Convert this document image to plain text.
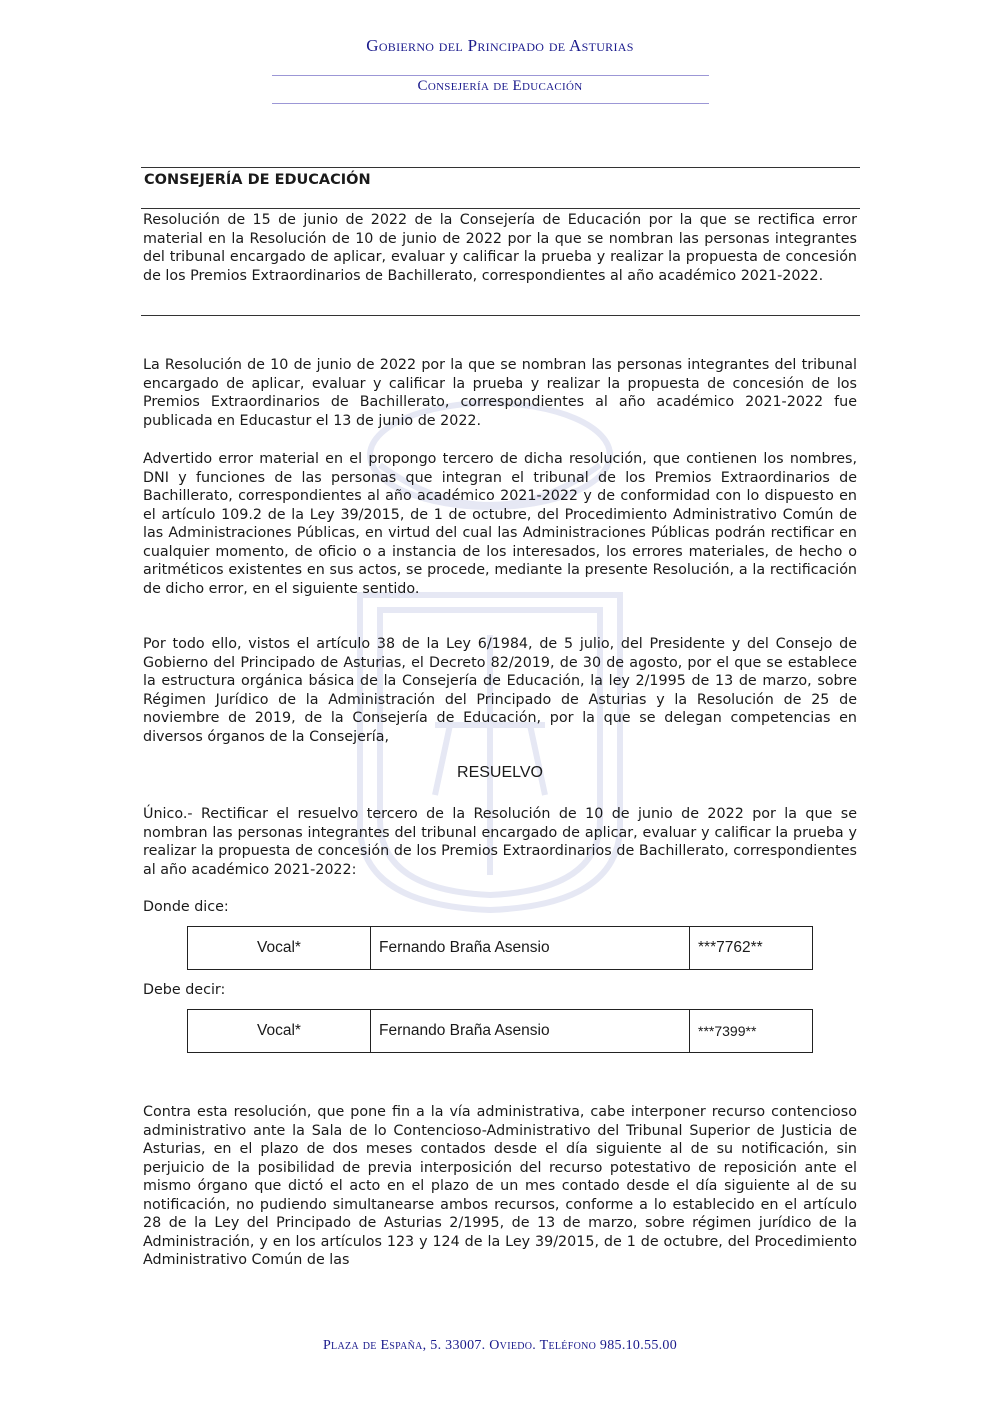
Gobierno del Principado de Asturias
Consejería de Educación
CONSEJERÍA DE EDUCACIÓN
Resolución de 15 de junio de 2022 de la Consejería de Educación por la que se rectifica error material en la Resolución de 10 de junio de 2022 por la que se nombran las personas integrantes del tribunal encargado de aplicar, evaluar y calificar la prueba y realizar la propuesta de concesión de los Premios Extraordinarios de Bachillerato, correspondientes al año académico 2021-2022.
La Resolución de 10 de junio de 2022 por la que se nombran las personas integrantes del tribunal encargado de aplicar, evaluar y calificar la prueba y realizar la propuesta de concesión de los Premios Extraordinarios de Bachillerato, correspondientes al año académico 2021-2022 fue publicada en Educastur el 13 de junio de 2022.
Advertido error material en el propongo tercero de dicha resolución, que contienen los nombres, DNI y funciones de las personas que integran el tribunal de los Premios Extraordinarios de Bachillerato, correspondientes al año académico 2021-2022 y de conformidad con lo dispuesto en el artículo 109.2 de la Ley 39/2015, de 1 de octubre, del Procedimiento Administrativo Común de las Administraciones Públicas, en virtud del cual las Administraciones Públicas podrán rectificar en cualquier momento, de oficio o a instancia de los interesados, los errores materiales, de hecho o aritméticos existentes en sus actos, se procede, mediante la presente Resolución, a la rectificación de dicho error, en el siguiente sentido.
Por todo ello, vistos el artículo 38 de la Ley 6/1984, de 5 julio, del Presidente y del Consejo de Gobierno del Principado de Asturias, el Decreto 82/2019, de 30 de agosto, por el que se establece la estructura orgánica básica de la Consejería de Educación, la ley 2/1995 de 13 de marzo, sobre Régimen Jurídico de la Administración del Principado de Asturias y la Resolución de 25 de noviembre de 2019, de la Consejería de Educación, por la que se delegan competencias en diversos órganos de la Consejería,
RESUELVO
Único.- Rectificar el resuelvo tercero de la Resolución de 10 de junio de 2022 por la que se nombran las personas integrantes del tribunal encargado de aplicar, evaluar y calificar la prueba y realizar la propuesta de concesión de los Premios Extraordinarios de Bachillerato, correspondientes al año académico 2021-2022:
Donde dice:
Vocal*	Fernando Braña Asensio	***7762**
Debe decir:
Vocal*	Fernando Braña Asensio	***7399**
Contra esta resolución, que pone fin a la vía administrativa, cabe interponer recurso contencioso administrativo ante la Sala de lo Contencioso-Administrativo del Tribunal Superior de Justicia de Asturias, en el plazo de dos meses contados desde el día siguiente al de su notificación, sin perjuicio de la posibilidad de previa interposición del recurso potestativo de reposición ante el mismo órgano que dictó el acto en el plazo de un mes contado desde el día siguiente al de su notificación, no pudiendo simultanearse ambos recursos, conforme a lo establecido en el artículo 28 de la Ley del Principado de Asturias 2/1995, de 13 de marzo, sobre régimen jurídico de la Administración, y en los artículos 123 y 124 de la Ley 39/2015, de 1 de octubre, del Procedimiento Administrativo Común de las
Plaza de España, 5. 33007. Oviedo. Teléfono 985.10.55.00
